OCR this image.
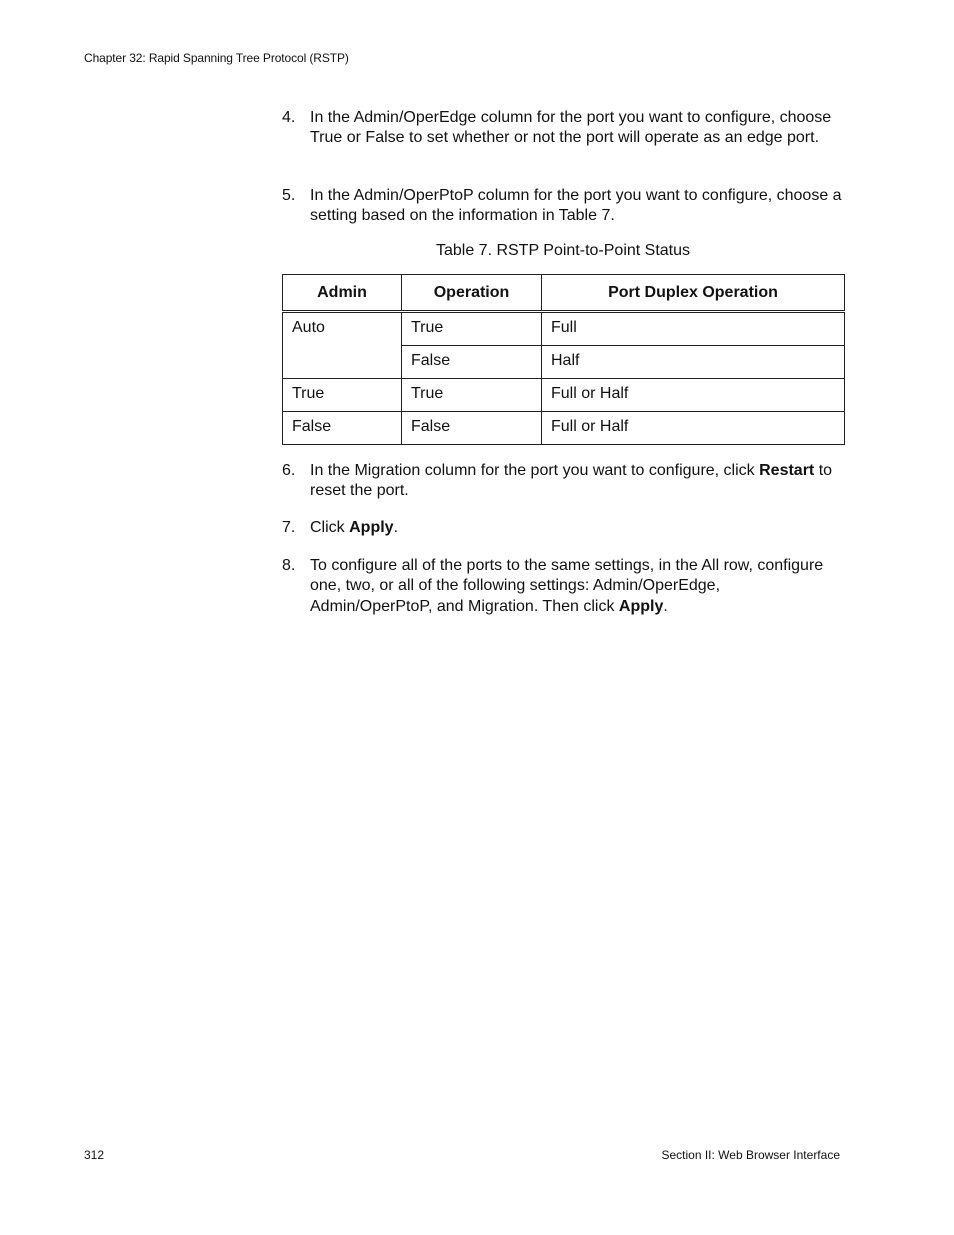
Chapter 32: Rapid Spanning Tree Protocol (RSTP)
4. In the Admin/OperEdge column for the port you want to configure, choose True or False to set whether or not the port will operate as an edge port.
5. In the Admin/OperPtoP column for the port you want to configure, choose a setting based on the information in Table 7.
6. In the Migration column for the port you want to configure, click Restart to reset the port.
7. Click Apply.
8. To configure all of the ports to the same settings, in the All row, configure one, two, or all of the following settings: Admin/OperEdge, Admin/OperPtoP, and Migration. Then click Apply.
Table 7. RSTP Point-to-Point Status
Admin	Operation	Port Duplex Operation
Auto	True	Full
	False	Half
True	True	Full or Half
False	False	Full or Half
312	Section II: Web Browser Interface
